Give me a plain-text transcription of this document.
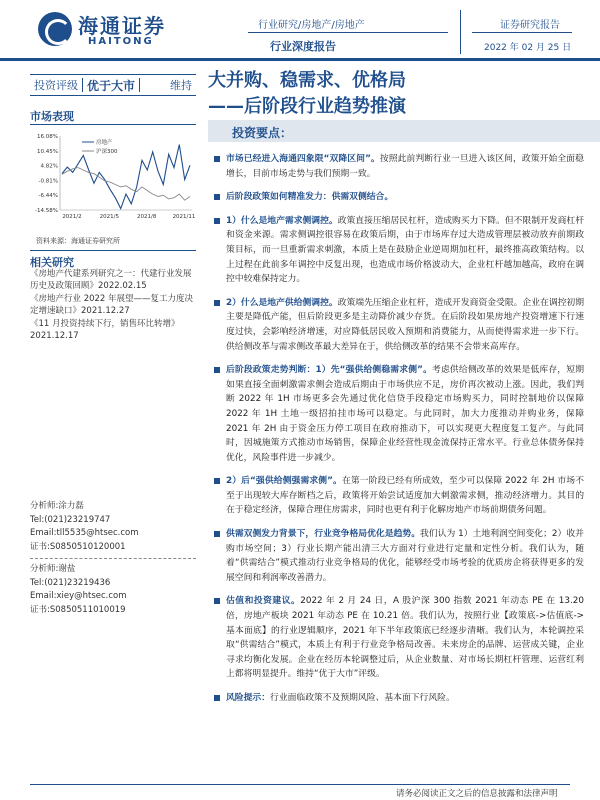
海通证券
HAITONG
行业研究/房地产/房地产
行业深度报告
证券研究报告
2022 年 02 月 25 日
投资评级 优于大市	维持 大并购、稳需求、优格局
——后阶段行业趋势推演
市场表现
16.08%
10.45%
4.82%
-0.81%
-6.44%
-14.58%
2021/2	2021/5	2021/8	2021/11
房地产
沪深300
资料来源：海通证券研究所
相关研究

《房地产代建系列研究之一：代建行业发展历史及政策回顾》2022.02.15

《房地产行业 2022 年展望——复工力度决定增速缺口》2021.12.27

《11 月投资持续下行，销售环比转增》2021.12.17

分析师:涂力磊
Tel:(021)23219747
Email:tll5535@htsec.com
证书:S0850510120001
分析师:谢盐
Tel:(021)23219436
Email:xiey@htsec.com
证书:S0850511010019
投资要点：
市场已经进入海通四象限“双降区间”。按照此前判断行业一旦进入该区间，政策开始全面稳增长，目前市场走势与我们预期一致。
后阶段政策如何精准发力：供需双侧结合。
1）什么是地产需求侧调控。政策直接压缩居民杠杆，造成购买力下降。但不限制开发商杠杆和资金来源。需求侧调控很容易在政策后期，由于市场库存过大造成管理层被动放弃前期政策目标，而一旦重新需求刺激，本质上是在鼓励企业逆周期加杠杆，最终推高政策结构。以上过程在此前多年调控中反复出现，也造成市场价格波动大，企业杠杆越加越高，政府在调控中较难保持定力。
2）什么是地产供给侧调控。政策端先压缩企业杠杆，造成开发商资金受限。企业在调控初期主要是降低产能，但后阶段更多是主动降价减少存货。在后阶段如果房地产投资增速下行速度过快，会影响经济增速，对应降低居民收入预期和消费能力，从而使得需求进一步下行。供给侧改革与需求侧改革最大差异在于，供给侧改革的结果不会带来高库存。
后阶段政策走势判断：1）先“强供给侧稳需求侧”。考虑供给侧改革的效果是低库存，短期如果直接全面刺激需求侧会造成后期由于市场供应不足，房价再次被动上涨。因此，我们判断 2022 年 1H 市场更多会先通过优化信贷手段稳定市场购买力，同时控制地价以保障 2022 年 1H 土地一级招拍挂市场可以稳定。与此同时，加大力度推动并购业务，保障 2021 年 2H 由于资金压力停工项目在政府推动下，可以实现更大程度复工复产。与此同时，因城施策方式推动市场销售，保障企业经营性现金流保持正常水平。行业总体债务保持优化，风险事件进一步减少。
2）后“强供给侧强需求侧”。在第一阶段已经有所成效，至少可以保障 2022 年 2H 市场不至于出现较大库存断档之后，政策将开始尝试适度加大刺激需求侧，推动经济增力。其目的在于稳定经济，保障合理住房需求，同时也更有利于化解房地产市场前期债务问题。
供需双侧发力背景下，行业竞争格局优化是趋势。我们认为 1）土地利润空间变化；2）收并购市场空间；3）行业长期产能出清三大方面对行业进行定量和定性分析。我们认为，随着“供需结合”模式推动行业竞争格局的优化，能够经受市场考验的优质房企将获得更多的发展空间和利润率改善潜力。
估值和投资建议。2022 年 2 月 24 日，A 股沪深 300 指数 2021 年动态 PE 在 13.20 倍，房地产板块 2021 年动态 PE 在 10.21 倍。我们认为，按照行业【政策底->估值底->基本面底】的行业逻辑顺序，2021 年下半年政策底已经逐步清晰。我们认为，本轮调控采取“供需结合”模式，本质上有利于行业竞争格局改善。未来房企的品牌、运营成关键，企业寻求均衡化发展。企业在经历本轮调整过后，从企业数量、对市场长期杠杆管理、运营红利上都将明显提升。维持“优于大市”评级。
风险提示：行业面临政策不及预期风险、基本面下行风险。
请务必阅读正文之后的信息披露和法律声明
